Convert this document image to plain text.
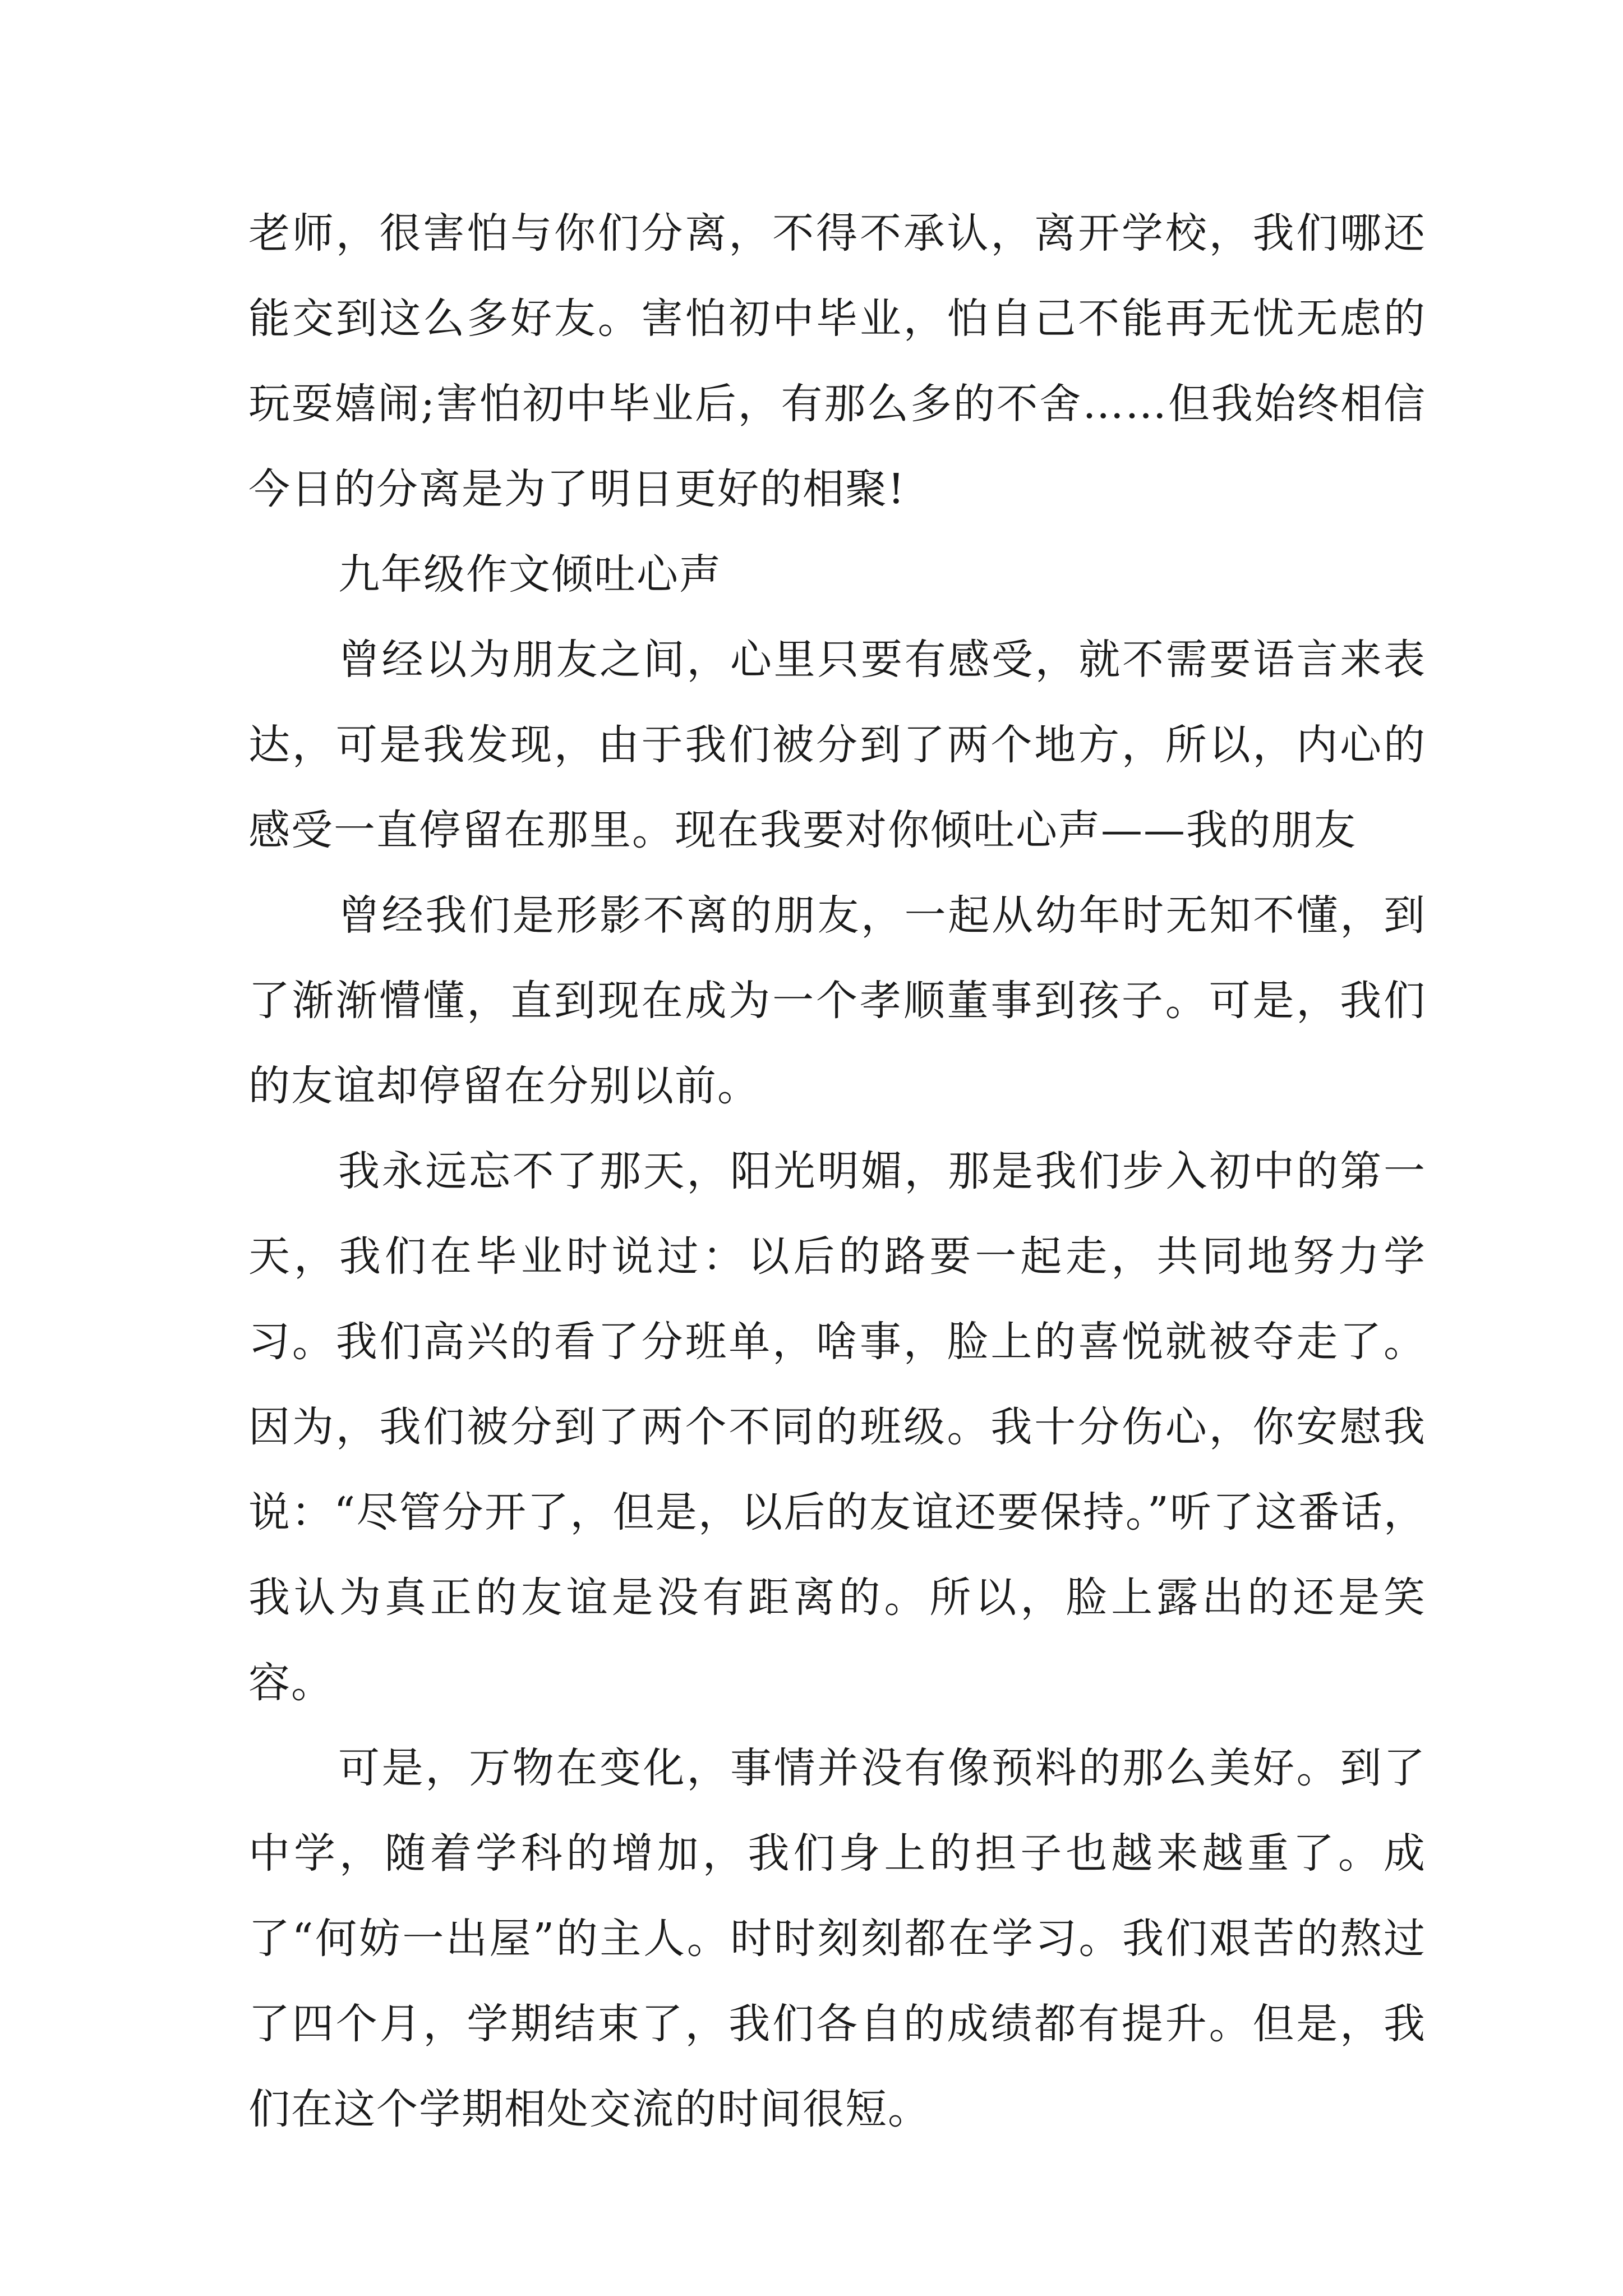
老师，很害怕与你们分离，不得不承认，离开学校，我们哪还能交到这么多好友。害怕初中毕业，怕自己不能再无忧无虑的玩耍嬉闹;害怕初中毕业后，有那么多的不舍……但我始终相信今日的分离是为了明日更好的相聚!

九年级作文倾吐心声

曾经以为朋友之间，心里只要有感受，就不需要语言来表达，可是我发现，由于我们被分到了两个地方，所以，内心的感受一直停留在那里。现在我要对你倾吐心声——我的朋友

曾经我们是形影不离的朋友，一起从幼年时无知不懂，到了渐渐懵懂，直到现在成为一个孝顺董事到孩子。可是，我们的友谊却停留在分别以前。

我永远忘不了那天，阳光明媚，那是我们步入初中的第一天，我们在毕业时说过：以后的路要一起走，共同地努力学习。我们高兴的看了分班单，啥事，脸上的喜悦就被夺走了。因为，我们被分到了两个不同的班级。我十分伤心，你安慰我说：“尽管分开了，但是，以后的友谊还要保持。”听了这番话，我认为真正的友谊是没有距离的。所以，脸上露出的还是笑容。

可是，万物在变化，事情并没有像预料的那么美好。到了中学，随着学科的增加，我们身上的担子也越来越重了。成了“何妨一出屋”的主人。时时刻刻都在学习。我们艰苦的熬过了四个月，学期结束了，我们各自的成绩都有提升。但是，我们在这个学期相处交流的时间很短。
